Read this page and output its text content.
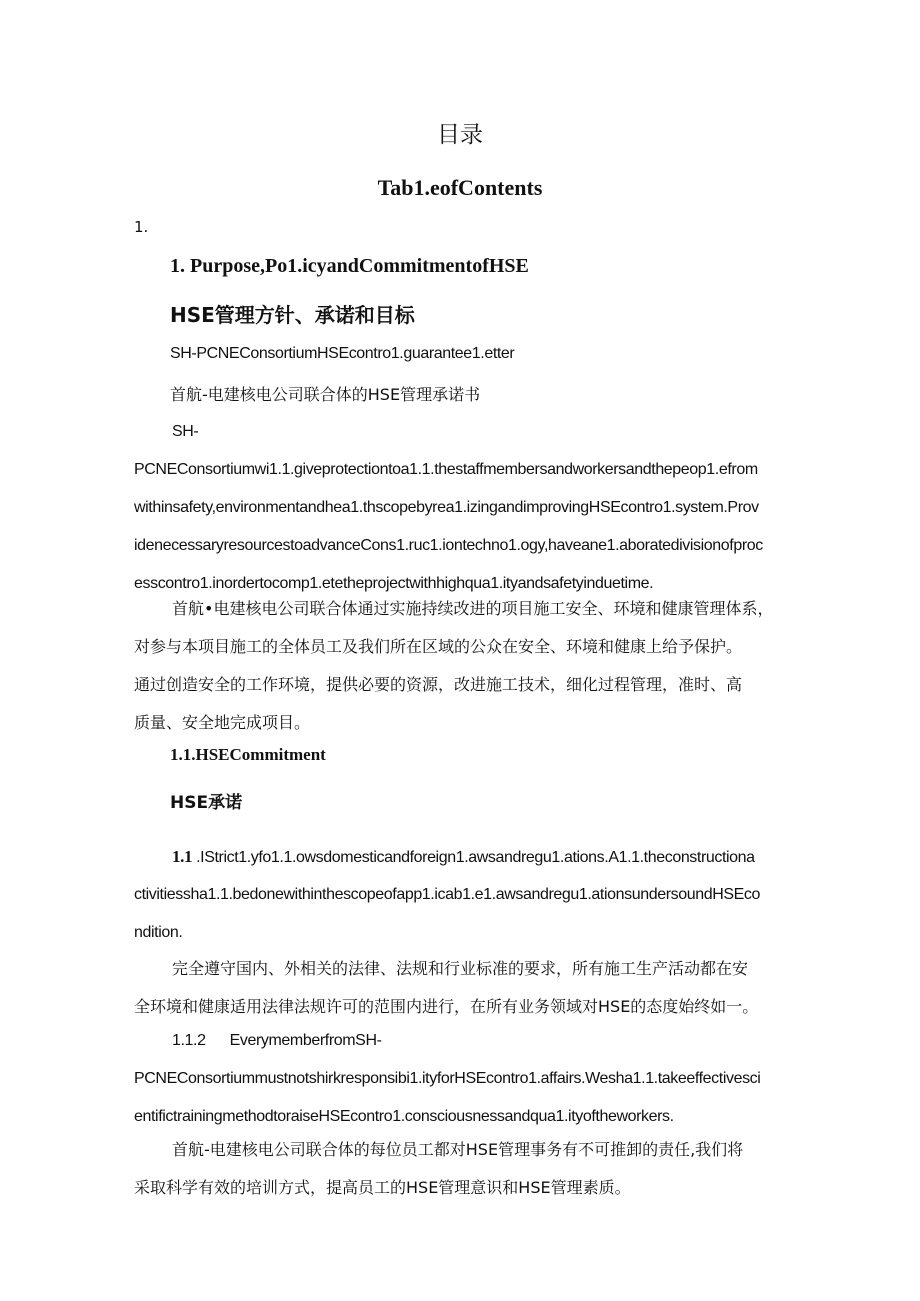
目录
Tab1.eofContents
1.
1. Purpose,Po1.icyandCommitmentofHSE
HSE管理方针、承诺和目标
SH-PCNEConsortiumHSEcontro1.guarantee1.etter
首航-电建核电公司联合体的HSE管理承诺书
SH-
PCNEConsortiumwi1.1.giveprotectiontoa1.1.thestaffmembersandworkersandthepeop1.efrom
withinsafety,environmentandhea1.thscopebyrea1.izingandimprovingHSEcontro1.system.Prov
idenecessaryresourcestoadvanceCons1.ruc1.iontechno1.ogy,haveane1.aboratedivisionofproc
esscontro1.inordertocomp1.etetheprojectwithhighqua1.ityandsafetyinduetime.
首航•电建核电公司联合体通过实施持续改进的项目施工安全、环境和健康管理体系，
对参与本项目施工的全体员工及我们所在区域的公众在安全、环境和健康上给予保护。
通过创造安全的工作环境，提供必要的资源，改进施工技术，细化过程管理，准时、高
质量、安全地完成项目。
1.1.HSECommitment
HSE承诺
1.1 .IStrict1.yfo1.1.owsdomesticandforeign1.awsandregu1.ations.A1.1.theconstructiona
ctivitiessha1.1.bedonewithinthescopeofapp1.icab1.e1.awsandregu1.ationsundersoundHSEco
ndition.
完全遵守国内、外相关的法律、法规和行业标准的要求，所有施工生产活动都在安
全环境和健康适用法律法规许可的范围内进行，在所有业务领域对HSE的态度始终如一。
1.1.2 EverymemberfromSH-
PCNEConsortiummustnotshirkresponsibi1.ityforHSEcontro1.affairs.Wesha1.1.takeeffectivesci
entifictrainingmethodtoraiseHSEcontro1.consciousnessandqua1.ityoftheworkers.
首航-电建核电公司联合体的每位员工都对HSE管理事务有不可推卸的责任,我们将
采取科学有效的培训方式，提高员工的HSE管理意识和HSE管理素质。
